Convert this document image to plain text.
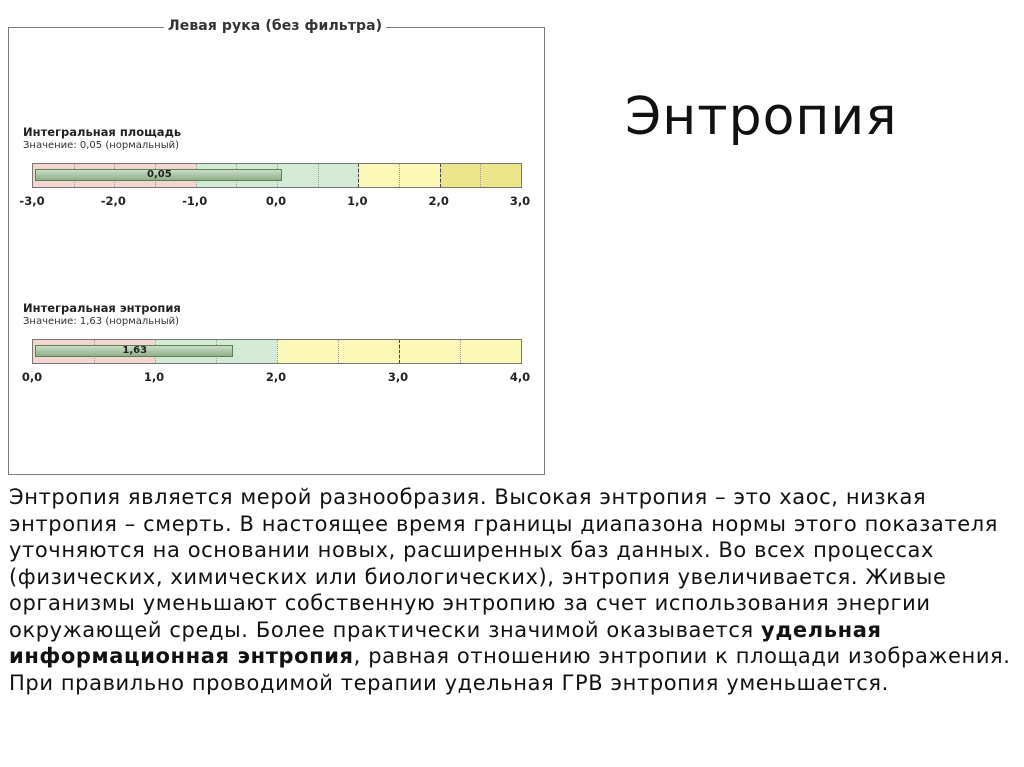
Левая рука (без фильтра)
Интегральная площадь
Значение: 0,05 (нормальный)
0,05
-3,0	-2,0	-1,0	0,0	1,0	2,0	3,0
Интегральная энтропия
Значение: 1,63 (нормальный)
1,63
0,0	1,0	2,0	3,0	4,0
Энтропия
Энтропия является мерой разнообразия. Высокая энтропия – это хаос, низкая энтропия – смерть. В настоящее время границы диапазона нормы этого показателя уточняются на основании новых, расширенных баз данных. Во всех процессах (физических, химических или биологических), энтропия увеличивается. Живые организмы уменьшают собственную энтропию за счет использования энергии окружающей среды. Более практически значимой оказывается удельная информационная энтропия, равная отношению энтропии к площади изображения. При правильно проводимой терапии удельная ГРВ энтропия уменьшается.
